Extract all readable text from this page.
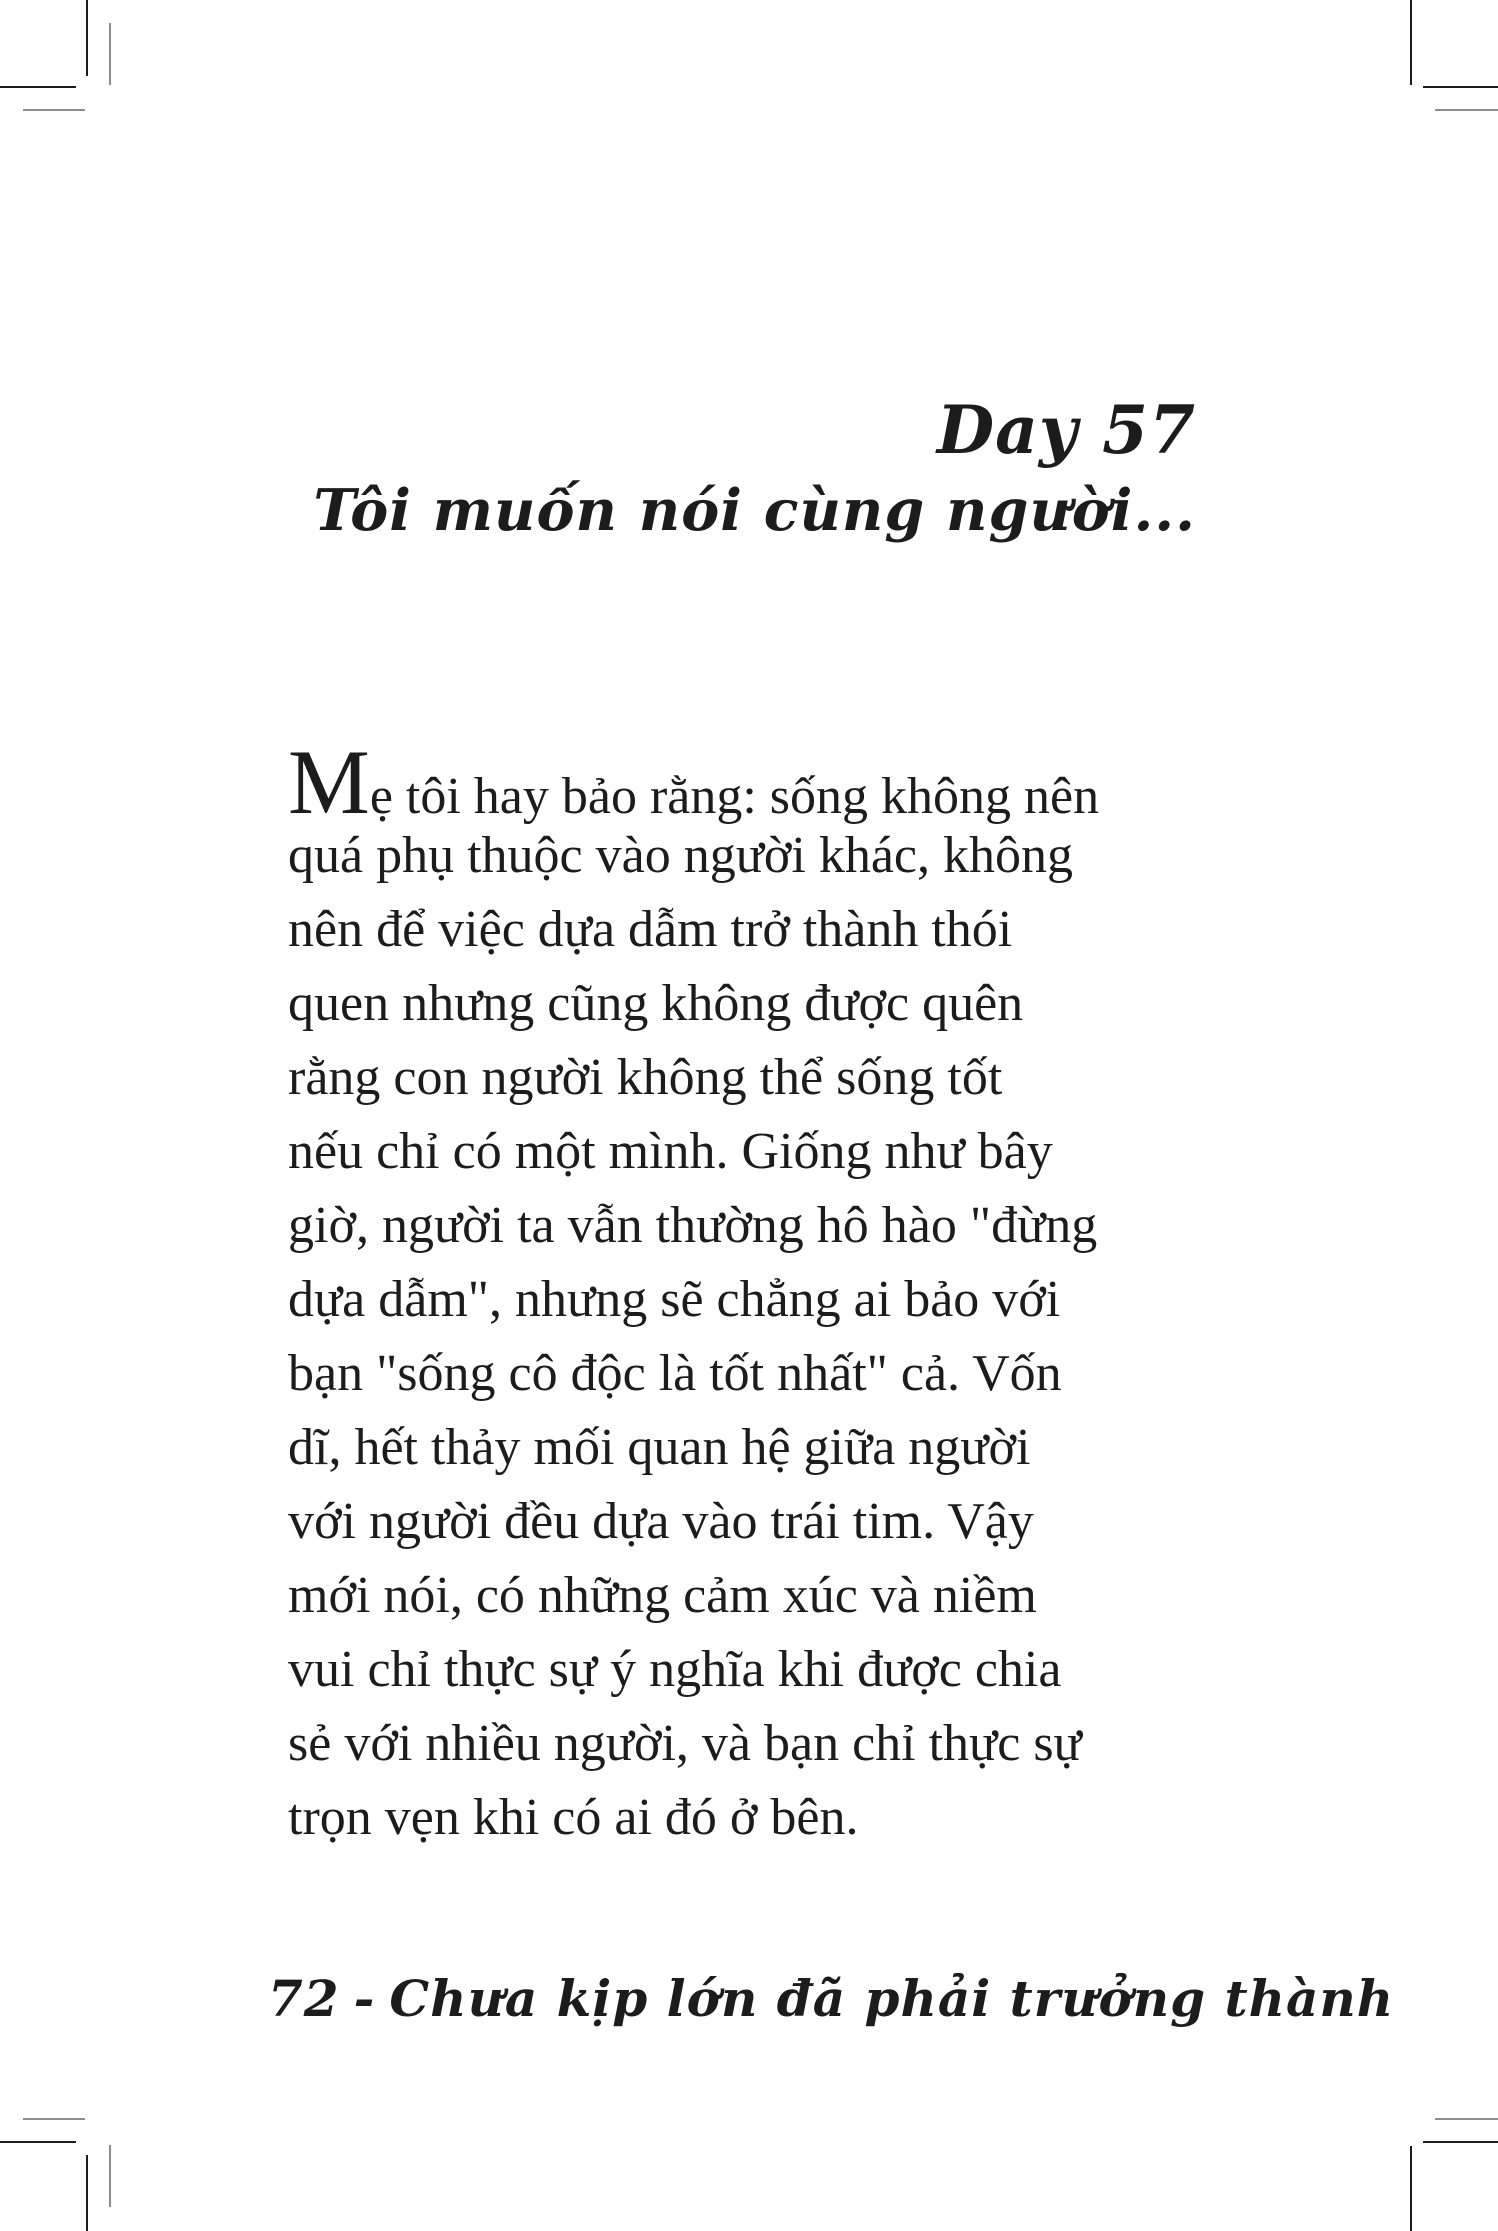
Day 57
Tôi muốn nói cùng người...
Mẹ tôi hay bảo rằng: sống không nên
quá phụ thuộc vào người khác, không
nên để việc dựa dẫm trở thành thói
quen nhưng cũng không được quên
rằng con người không thể sống tốt
nếu chỉ có một mình. Giống như bây
giờ, người ta vẫn thường hô hào "đừng
dựa dẫm", nhưng sẽ chẳng ai bảo với
bạn "sống cô độc là tốt nhất" cả. Vốn
dĩ, hết thảy mối quan hệ giữa người
với người đều dựa vào trái tim. Vậy
mới nói, có những cảm xúc và niềm
vui chỉ thực sự ý nghĩa khi được chia
sẻ với nhiều người, và bạn chỉ thực sự
trọn vẹn khi có ai đó ở bên.
72 - Chưa kịp lớn đã phải trưởng thành
